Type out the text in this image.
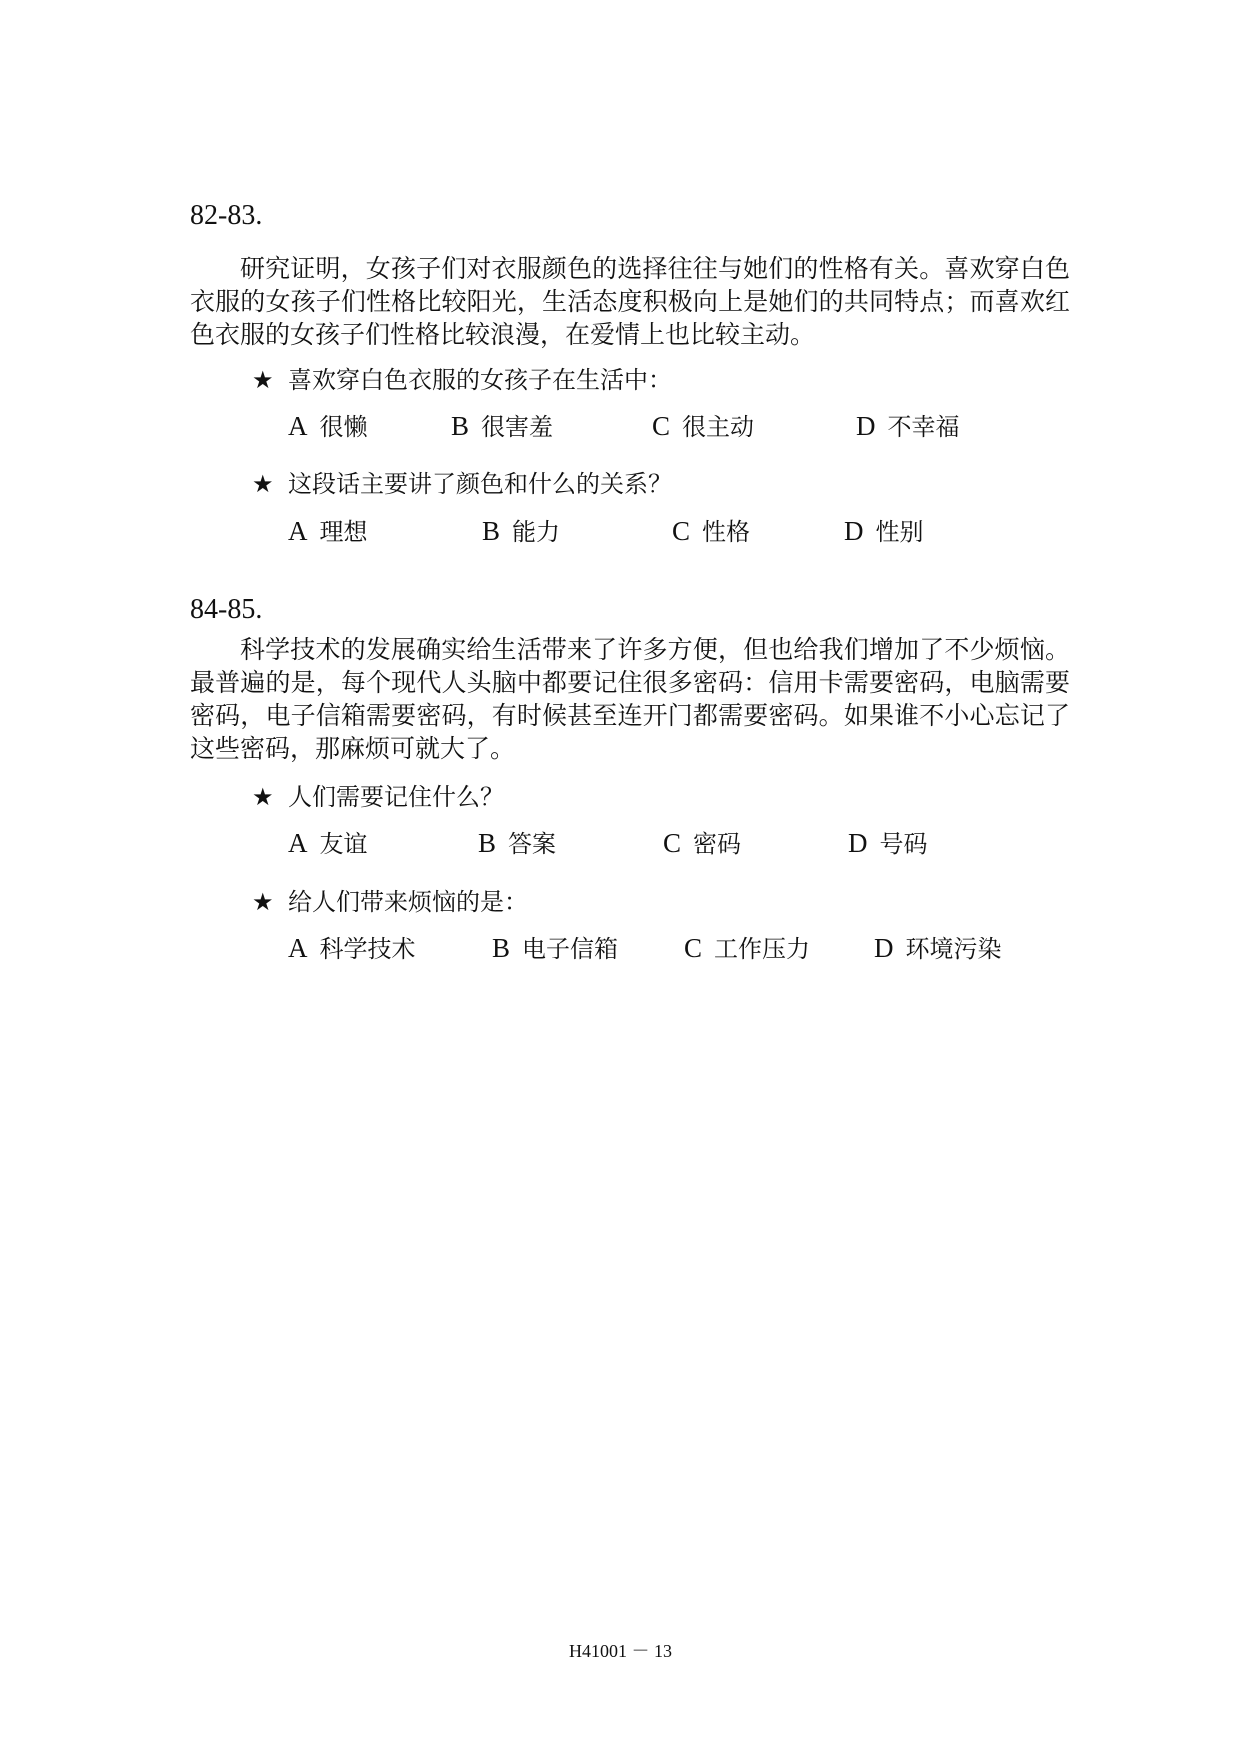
82-83.

研究证明，女孩子们对衣服颜色的选择往往与她们的性格有关。喜欢穿白色衣服的女孩子们性格比较阳光，生活态度积极向上是她们的共同特点；而喜欢红色衣服的女孩子们性格比较浪漫，在爱情上也比较主动。

★ 喜欢穿白色衣服的女孩子在生活中：
A 很懒	B 很害羞	C 很主动	D 不幸福
★ 这段话主要讲了颜色和什么的关系？
A 理想	B 能力	C 性格	D 性别
84-85.

科学技术的发展确实给生活带来了许多方便，但也给我们增加了不少烦恼。最普遍的是，每个现代人头脑中都要记住很多密码：信用卡需要密码，电脑需要密码，电子信箱需要密码，有时候甚至连开门都需要密码。如果谁不小心忘记了这些密码，那麻烦可就大了。

★ 人们需要记住什么？
A 友谊	B 答案	C 密码	D 号码
★ 给人们带来烦恼的是：
A 科学技术	B 电子信箱 C 工作压力 D 环境污染
H41001 － 13
